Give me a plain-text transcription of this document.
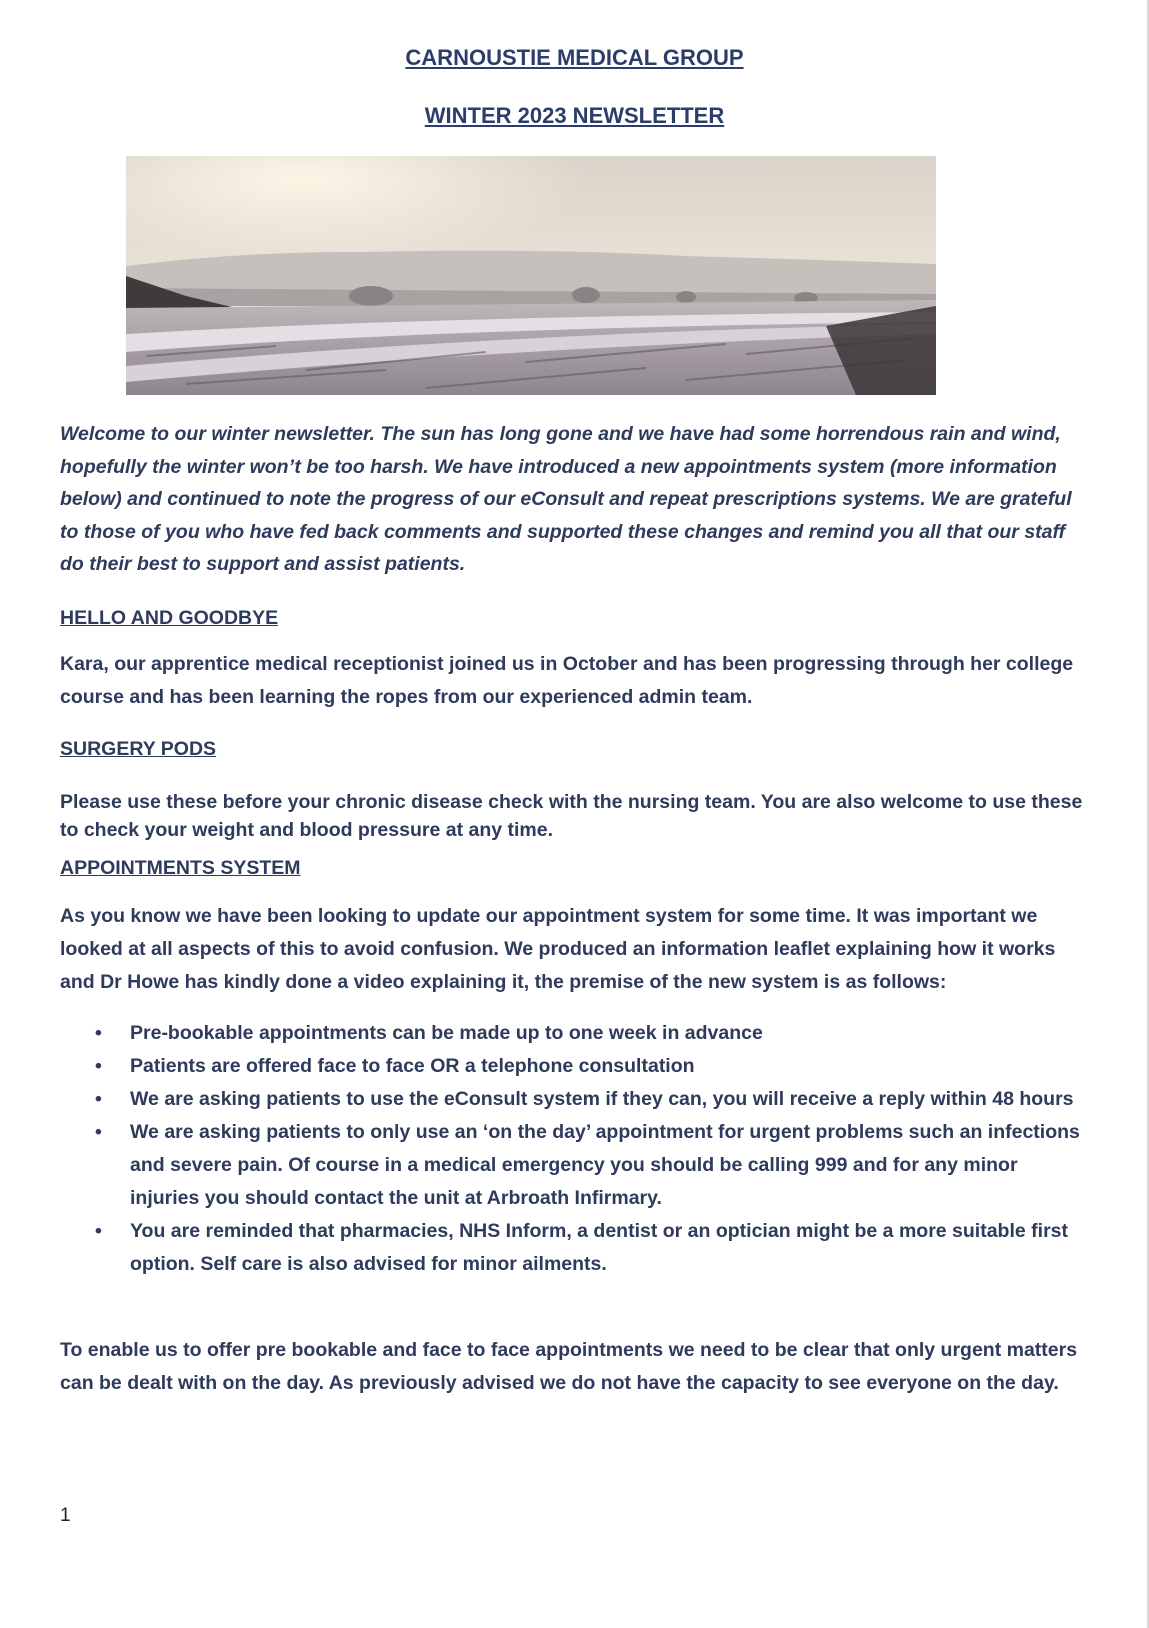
CARNOUSTIE MEDICAL GROUP
WINTER 2023 NEWSLETTER

Welcome to our winter newsletter. The sun has long gone and we have had some horrendous rain and wind, hopefully the winter won’t be too harsh. We have introduced a new appointments system (more information below) and continued to note the progress of our eConsult and repeat prescriptions systems. We are grateful to those of you who have fed back comments and supported these changes and remind you all that our staff do their best to support and assist patients.

HELLO AND GOODBYE

Kara, our apprentice medical receptionist joined us in October and has been progressing through her college course and has been learning the ropes from our experienced admin team.

SURGERY PODS

Please use these before your chronic disease check with the nursing team. You are also welcome to use these to check your weight and blood pressure at any time.

APPOINTMENTS SYSTEM

As you know we have been looking to update our appointment system for some time. It was important we looked at all aspects of this to avoid confusion. We produced an information leaflet explaining how it works and Dr Howe has kindly done a video explaining it, the premise of the new system is as follows:

• Pre-bookable appointments can be made up to one week in advance
• Patients are offered face to face OR a telephone consultation
• We are asking patients to use the eConsult system if they can, you will receive a reply within 48 hours
• We are asking patients to only use an ‘on the day’ appointment for urgent problems such an infections and severe pain. Of course in a medical emergency you should be calling 999 and for any minor injuries you should contact the unit at Arbroath Infirmary.
• You are reminded that pharmacies, NHS Inform, a dentist or an optician might be a more suitable first option. Self care is also advised for minor ailments.

To enable us to offer pre bookable and face to face appointments we need to be clear that only urgent matters can be dealt with on the day. As previously advised we do not have the capacity to see everyone on the day.

1
